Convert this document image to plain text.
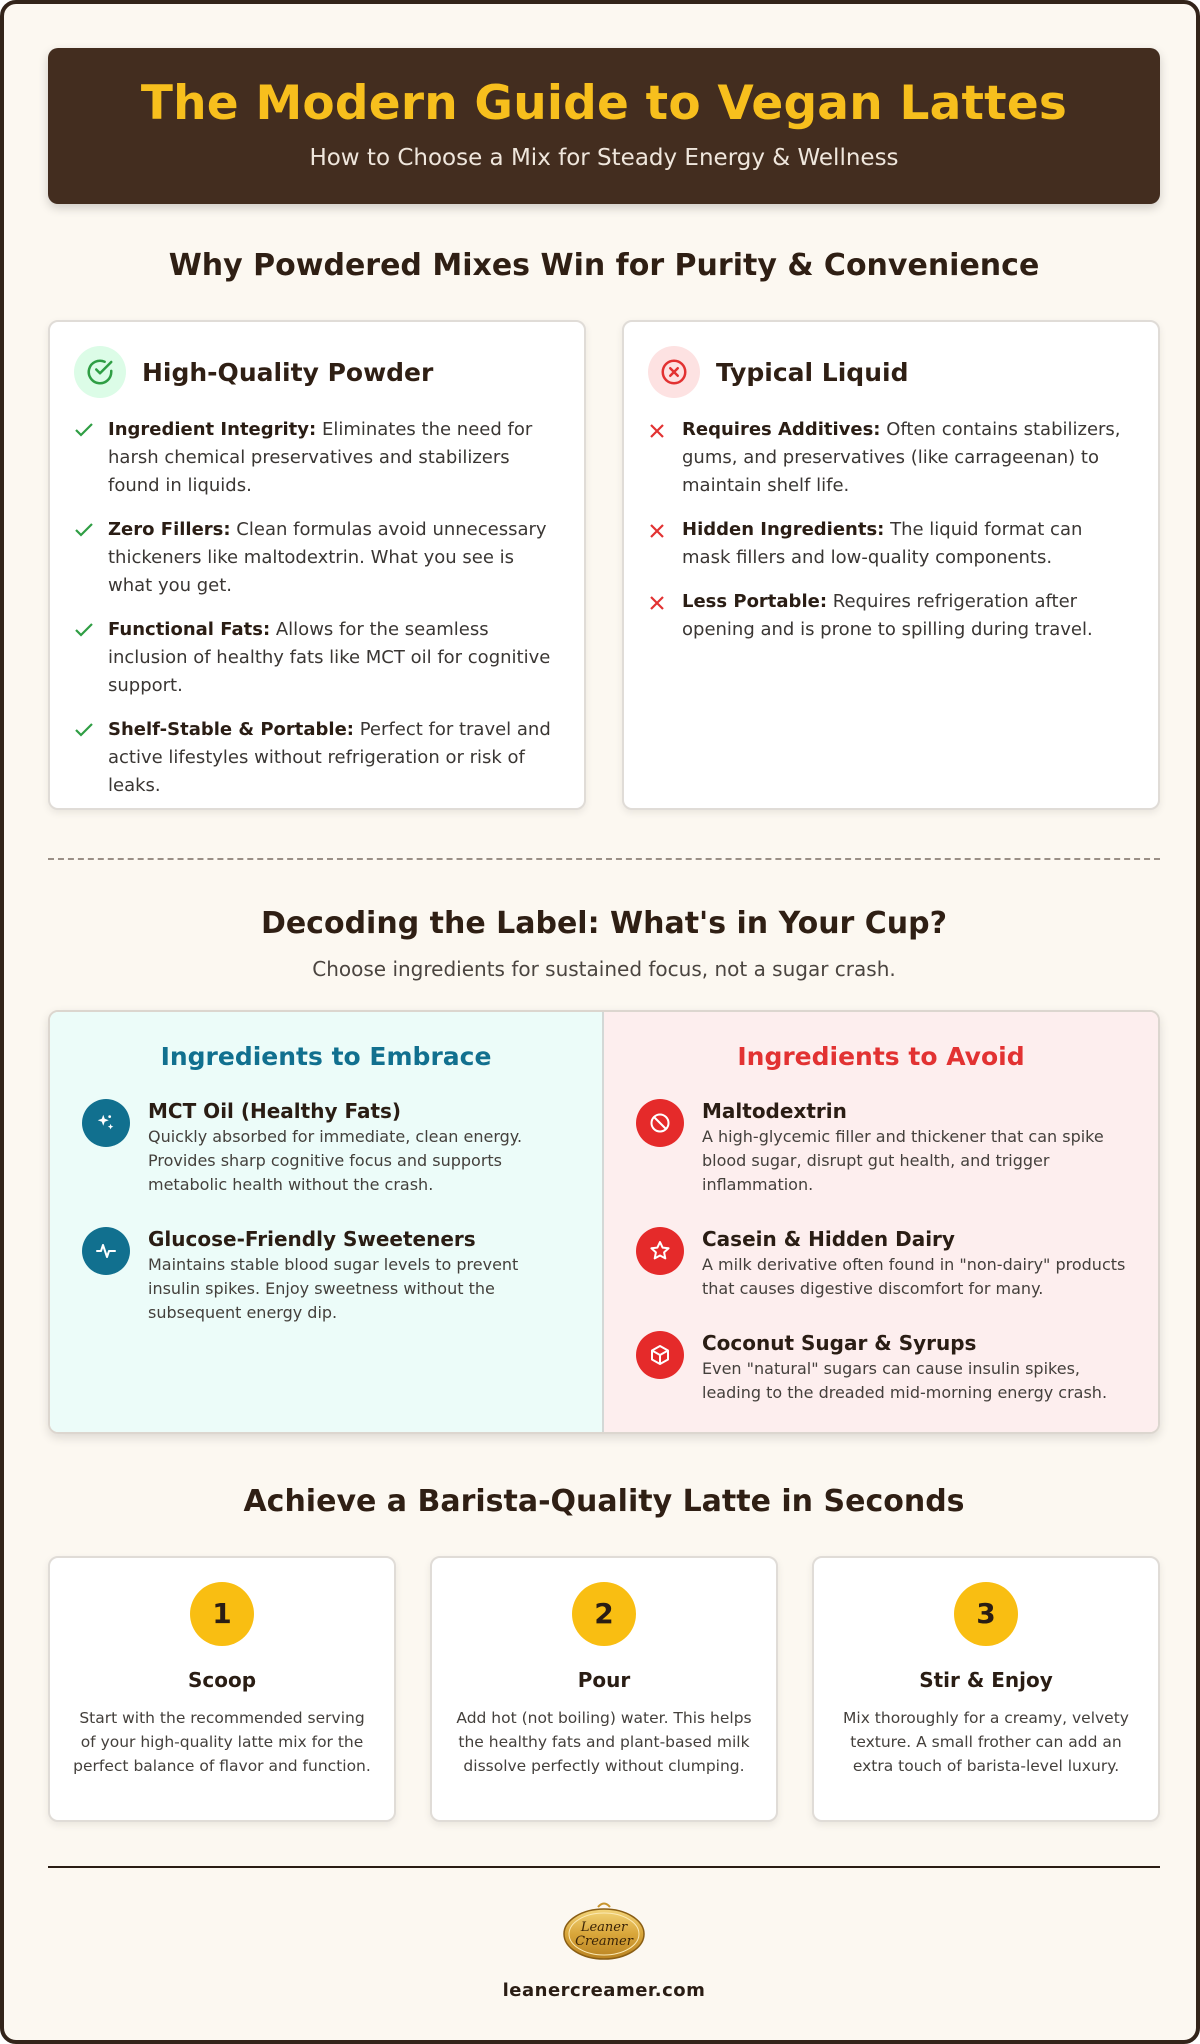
The Modern Guide to Vegan Lattes
How to Choose a Mix for Steady Energy & Wellness
Why Powdered Mixes Win for Purity & Convenience
High-Quality Powder
Ingredient Integrity: Eliminates the need for harsh chemical preservatives and stabilizers found in liquids.
Zero Fillers: Clean formulas avoid unnecessary thickeners like maltodextrin. What you see is what you get.
Functional Fats: Allows for the seamless inclusion of healthy fats like MCT oil for cognitive support.
Shelf-Stable & Portable: Perfect for travel and active lifestyles without refrigeration or risk of leaks.
Typical Liquid
Requires Additives: Often contains stabilizers, gums, and preservatives (like carrageenan) to maintain shelf life.
Hidden Ingredients: The liquid format can mask fillers and low-quality components.
Less Portable: Requires refrigeration after opening and is prone to spilling during travel.
Decoding the Label: What's in Your Cup?
Choose ingredients for sustained focus, not a sugar crash.
Ingredients to Embrace
MCT Oil (Healthy Fats)
Quickly absorbed for immediate, clean energy. Provides sharp cognitive focus and supports metabolic health without the crash.
Glucose-Friendly Sweeteners
Maintains stable blood sugar levels to prevent insulin spikes. Enjoy sweetness without the subsequent energy dip.
Ingredients to Avoid
Maltodextrin
A high-glycemic filler and thickener that can spike blood sugar, disrupt gut health, and trigger inflammation.
Casein & Hidden Dairy
A milk derivative often found in "non-dairy" products that causes digestive discomfort for many.
Coconut Sugar & Syrups
Even "natural" sugars can cause insulin spikes, leading to the dreaded mid-morning energy crash.
Achieve a Barista-Quality Latte in Seconds
1
Scoop

Start with the recommended serving of your high-quality latte mix for the perfect balance of flavor and function.

2
Pour

Add hot (not boiling) water. This helps the healthy fats and plant-based milk dissolve perfectly without clumping.

3
Stir & Enjoy

Mix thoroughly for a creamy, velvety texture. A small frother can add an extra touch of barista-level luxury.

Leaner
Creamer
leanercreamer.com
